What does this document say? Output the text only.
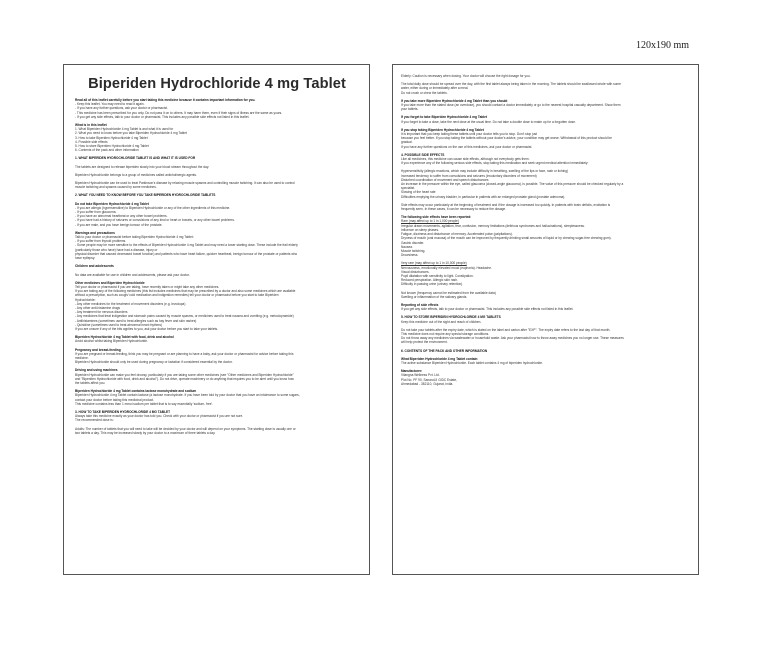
120x190 mm
Biperiden Hydrochloride 4 mg Tablet
Read all of this leaflet carefully before you start taking this medicine because it contains important information for you.
- Keep this leaflet. You may need to read it again.
- If you have any further questions, ask your doctor or pharmacist.
- This medicine has been prescribed for you only. Do not pass it on to others. It may harm them, even if their signs of illness are the same as yours.
- If you get any side effects, talk to your doctor or pharmacist. This includes any possible side effects not listed in this leaflet.
What is in this leaflet
1. What Biperiden Hydrochloride 4 mg Tablet is and what it is used for
2. What you need to know before you take Biperiden Hydrochloride 4 mg Tablet
3. How to take Biperiden Hydrochloride 4 mg Tablet
4. Possible side effects
5. How to store Biperiden Hydrochloride 4 mg Tablet
6. Contents of the pack and other information
1. WHAT BIPERIDEN HYDROCHLORIDE TABLET IS AND WHAT IT IS USED FOR
The tablets are designed to release biperiden slowly into your blood stream throughout the day.
Biperiden Hydrochloride belongs to a group of medicines called anticholinergic agents.
Biperiden Hydrochloride can be used to treat Parkinson's disease by relaxing muscle spasms and controlling muscle twitching. It can also be used to control
muscle twitching and spasms caused by some medicines.
2. WHAT YOU NEED TO KNOW BEFORE YOU TAKE BIPERIDEN HYDROCHLORIDE TABLETS
Do not take Biperiden Hydrochloride 4 mg Tablet
- If you are allergic (hypersensitive) to Biperiden Hydrochloride or any of the other ingredients of this medicine.
- If you suffer from glaucoma.
- If you have an abnormal heartbeat or any other bowel problems.
- If you have had a history of seizures or convulsions of any kind or heart or bowels, or any other bowel problems.
- If you are male, and you have benign tumour of the prostate.
Warnings and precautions
Talk to your doctor or pharmacist before taking Biperiden Hydrochloride 4 mg Tablet:
- If you suffer from thyroid problems.
- Some people may be more sensitive to the effects of Biperiden Hydrochloride 4 mg Tablet and may need a lower starting dose. These include the frail elderly
(particularly those who have) have had a disease, injury or
physical disorder that caused decreased bowel function) and patients who have heart failure, quicker heartbeat, benign tumour of the prostate or patients who
have epilepsy.
Children and adolescents
No data are available for use in children and adolescents, please ask your doctor.
Other medicines and Biperiden Hydrochloride
Tell your doctor or pharmacist if you are taking, have recently taken or might take any other medicines.
If you are taking any of the following medicines (this list includes medicines that may be prescribed by a doctor and also some medicines which are available
without a prescription, such as cough/ cold medication and indigestion remedies) tell your doctor or pharmacist before you start to take Biperiden
Hydrochloride:
- Any other medicines for the treatment of movement disorders (e.g. levodopa)
- Any other anti-histamine drugs
- Any treatment for nervous disorders
- Any medicines that treat indigestion and stomach pains caused by muscle spasms, or medicines used to treat nausea and vomiting (e.g. metoclopramide)
- Antihistamines (sometimes used to treat allergies such as hay fever and skin rashes)
- Quinidine (sometimes used to treat abnormal heart rhythms)
If you are unsure if any of the bits applies to you, ask your doctor before you start to take your tablets.
Biperiden Hydrochloride 4 mg Tablet with food, drink and alcohol
Avoid alcohol whilst taking Biperiden Hydrochloride.
Pregnancy and breast-feeding
If you are pregnant or breast-feeding, think you may be pregnant or are planning to have a baby, ask your doctor or pharmacist for advice before taking this
medicine.
Biperiden Hydrochloride should only be used during pregnancy or lactation if considered essential by the doctor.
Driving and using machines
Biperiden Hydrochloride can make you feel drowsy, particularly if you are taking some other medicines (see "Other medicines and Biperiden Hydrochloride"
and "Biperiden Hydrochloride with food, drink and alcohol"). Do not drive, operate machinery or do anything that requires you to be alert until you know how
the tablets affect you.
Biperiden Hydrochloride 4 mg Tablet contains lactose monohydrate and sodium
Biperiden Hydrochloride 4 mg Tablet contain lactose (a lactose monohydrate. If you have been told by your doctor that you have an intolerance to some sugars,
contact your doctor before taking this medicinal product.
This medicine contains less than 1 mmol sodium per tablet that is to say essentially 'sodium- free'.
3. HOW TO TAKE BIPERIDEN HYDROCHLORIDE 4 MG TABLET
Always take this medicine exactly as your doctor has told you. Check with your doctor or pharmacist if you are not sure.
The recommended dose is:
Adults: The number of tablets that you will need to take will be decided by your doctor and will depend on your symptoms. The starting dose is usually one or
two tablets a day. This may be increased slowly by your doctor to a maximum of three tablets a day.
Elderly: Caution is necessary when dosing. Your doctor will choose the right dosage for you.
The total daily dose should be spread over the day, with the first tablet always being taken in the morning. The tablets should be swallowed whole with some
water, either during or immediately after a meal.
Do not crush or chew the tablets.
If you take more Biperiden Hydrochloride 4 mg Tablet than you should
If you take more than the stated dose (an overdose), you should contact a doctor immediately or go to the nearest hospital casualty department. Show them
your tablets.
If you forget to take Biperiden Hydrochloride 4 mg Tablet
If you forget to take a dose, take the next dose at the usual time. Do not take a double dose to make up for a forgotten dose.
If you stop taking Biperiden Hydrochloride 4 mg Tablet
It is important that you keep taking these tablets until your doctor tells you to stop. Don't stop just
because you feel better. If you stop taking the tablets without your doctor's advice, your condition may get worse. Withdrawal of this product should be
gradual.
If you have any further questions on the use of this medicines, ask your doctor or pharmacist.
4. POSSIBLE SIDE EFFECTS
Like all medicines, this medicine can cause side effects, although not everybody gets them.
If you experience any of the following serious side effects, stop taking this medication and seek urgent medical attention immediately:
Hypersensitivity (allergic reactions, which may include difficulty in breathing, swelling of the lips or face, rash or itching)
Increased tendency to suffer from convulsions and seizures (involuntary disorders of movement)
Disturbed coordination of movement and speech disturbances
An increase in the pressure within the eye, called glaucoma (closed-angle glaucoma), is possible. The value of this pressure should be checked regularly by a
specialist.
Slowing of the heart rate
Difficulties emptying the urinary bladder, in particular in patients with an enlarged prostate gland (prostate adenoma).
Side effects may occur particularly at the beginning of treatment and if the dosage is increased too quickly. In patients with brain deficits, excitation is
frequently seen. In these cases, it can be necessary to reduce the dosage.
The following side effects have been reported:
Rare (may affect up to 1 in 1,000 people)
Irregular drawn movements, agitation, fear, confusion, memory limitations (delirious syndromes and hallucinations), sleeplessness.
Influence on sleep phases.
Fatigue, dizziness and disturbance of memory. Accelerated pulse (palpitations).
Dryness of mouth (oral mucosa) of the mouth can be improved by frequently drinking small amounts of liquid or by chewing sugar-free chewing gum).
Gastric disorder.
Nausea.
Muscle twitching.
Drowsiness.
Very rare (may affect up to 1 in 10,000 people)
Nervousness, emotionally elevated mood (euphoria). Headache.
Visual disturbances.
Pupil dilatation with sensitivity to light. Constipation.
Reduced perspiration. Allergic skin rash.
Difficulty in passing urine (urinary retention).
Not known (frequency cannot be estimated from the available data)
Swelling or inflammation of the salivary glands.
Reporting of side effects
If you get any side effects, talk to your doctor or pharmacist. This includes any possible side effects not listed in this leaflet.
5. HOW TO STORE BIPERIDEN HYDROCHLORIDE 4 MG TABLETS
Keep this medicine out of the sight and reach of children.
Do not take your tablets after the expiry date, which is stated on the label and carton after "EXP". The expiry date refers to the last day of that month.
This medicine does not require any special storage conditions.
Do not throw away any medicines via wastewater or household waste. Ask your pharmacist how to throw away medicines you no longer use. These measures
will help protect the environment.
6. CONTENTS OF THE PACK AND OTHER INFORMATION
What Biperiden Hydrochloride 4 mg Tablet contain
The active substance Biperiden Hydrochloride. Each tablet contains 4 mg of biperiden hydrochloride.
Manufacturer:
Vilangna Wellness Pvt. Ltd.
Plot No. PF 90, Sanand-II GIDC Estate,
Ahmedabad - 382110, Gujarat, India.
